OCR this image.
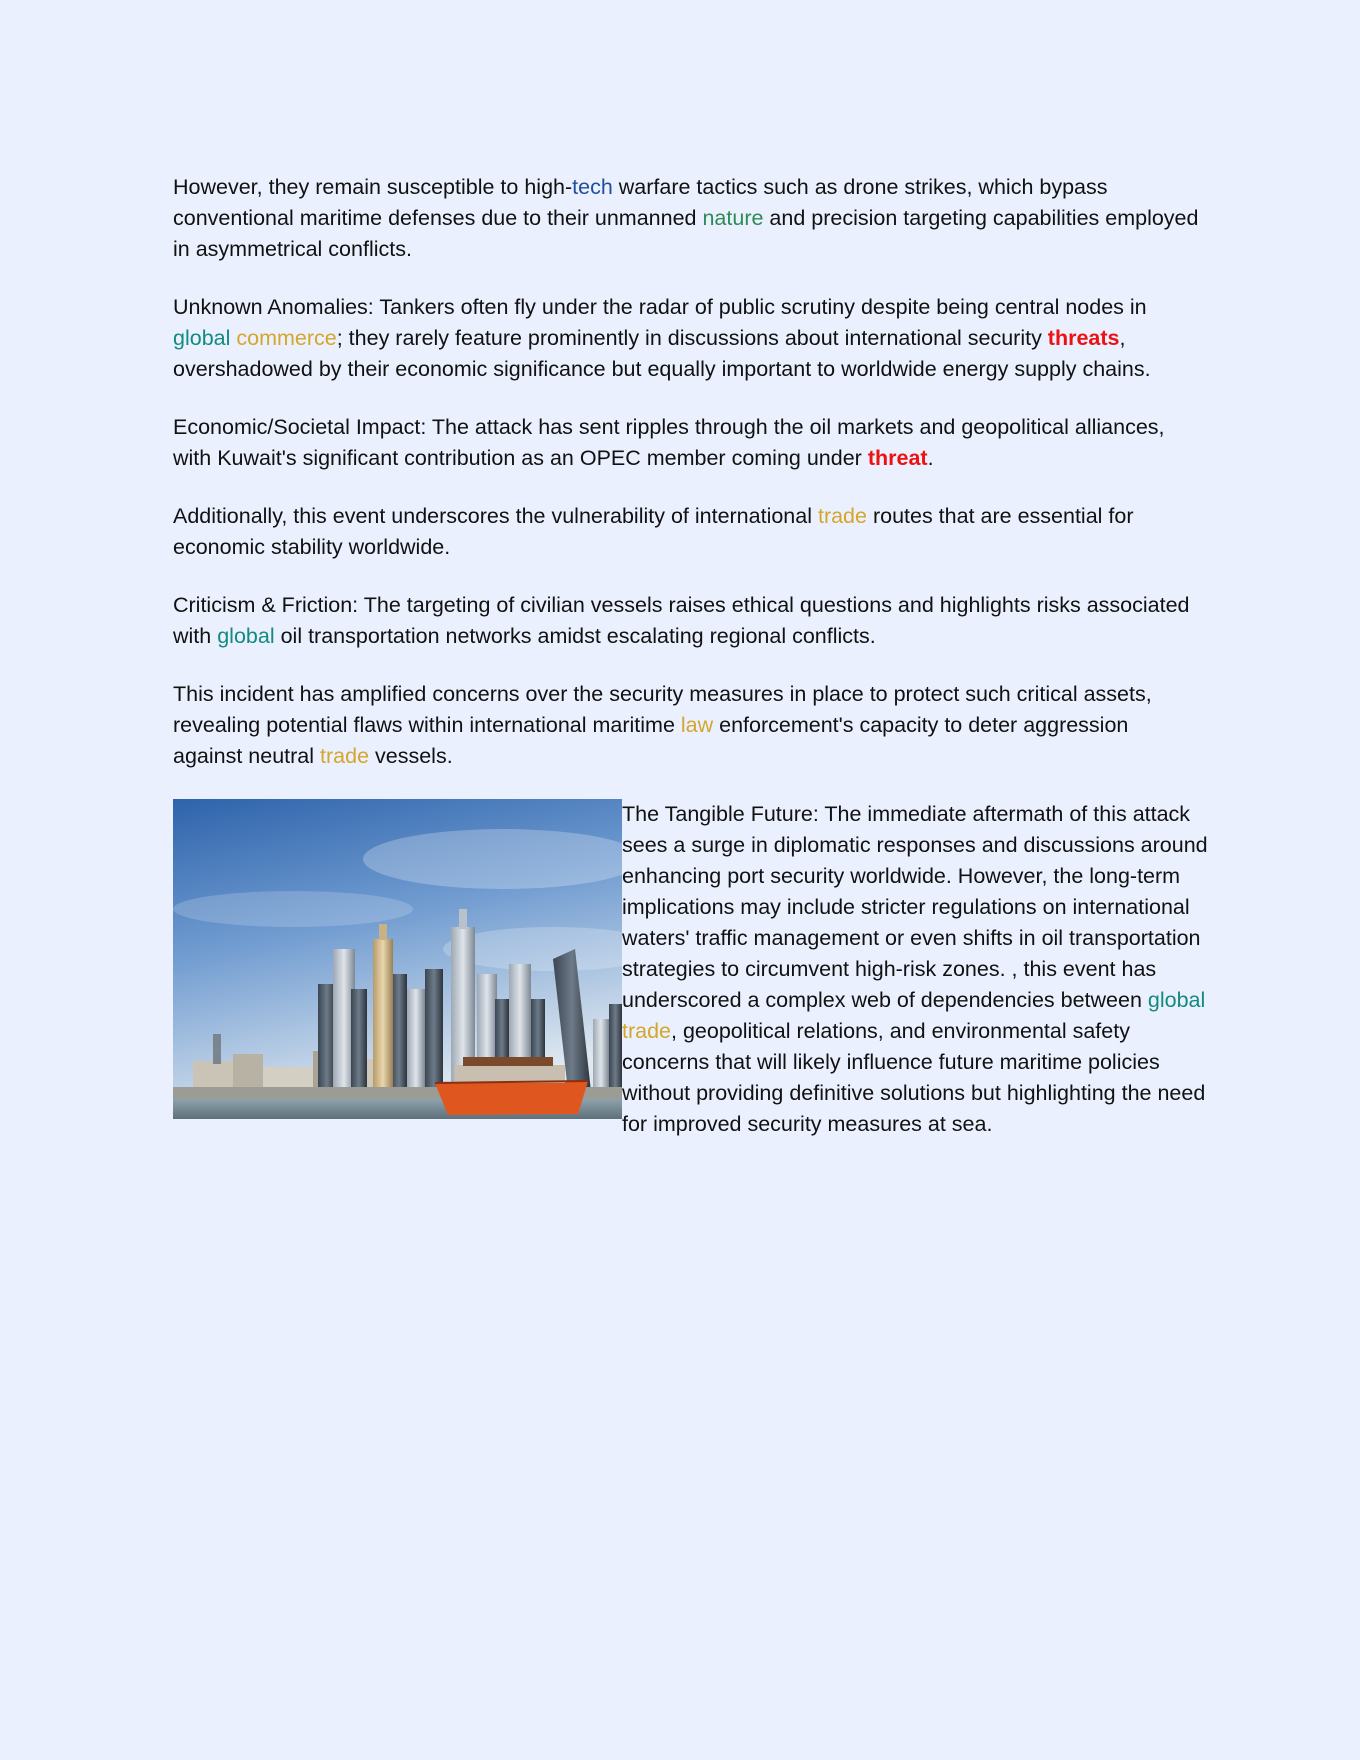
However, they remain susceptible to high-tech warfare tactics such as drone strikes, which bypass conventional maritime defenses due to their unmanned nature and precision targeting capabilities employed in asymmetrical conflicts.

Unknown Anomalies: Tankers often fly under the radar of public scrutiny despite being central nodes in global commerce; they rarely feature prominently in discussions about international security threats, overshadowed by their economic significance but equally important to worldwide energy supply chains.

Economic/Societal Impact: The attack has sent ripples through the oil markets and geopolitical alliances, with Kuwait's significant contribution as an OPEC member coming under threat.

Additionally, this event underscores the vulnerability of international trade routes that are essential for economic stability worldwide.

Criticism & Friction: The targeting of civilian vessels raises ethical questions and highlights risks associated with global oil transportation networks amidst escalating regional conflicts.

This incident has amplified concerns over the security measures in place to protect such critical assets, revealing potential flaws within international maritime law enforcement's capacity to deter aggression against neutral trade vessels.

The Tangible Future: The immediate aftermath of this attack sees a surge in diplomatic responses and discussions around enhancing port security worldwide. However, the long-term implications may include stricter regulations on international waters' traffic management or even shifts in oil transportation strategies to circumvent high-risk zones. , this event has underscored a complex web of dependencies between global trade, geopolitical relations, and environmental safety concerns that will likely influence future maritime policies without providing definitive solutions but highlighting the need for improved security measures at sea.
